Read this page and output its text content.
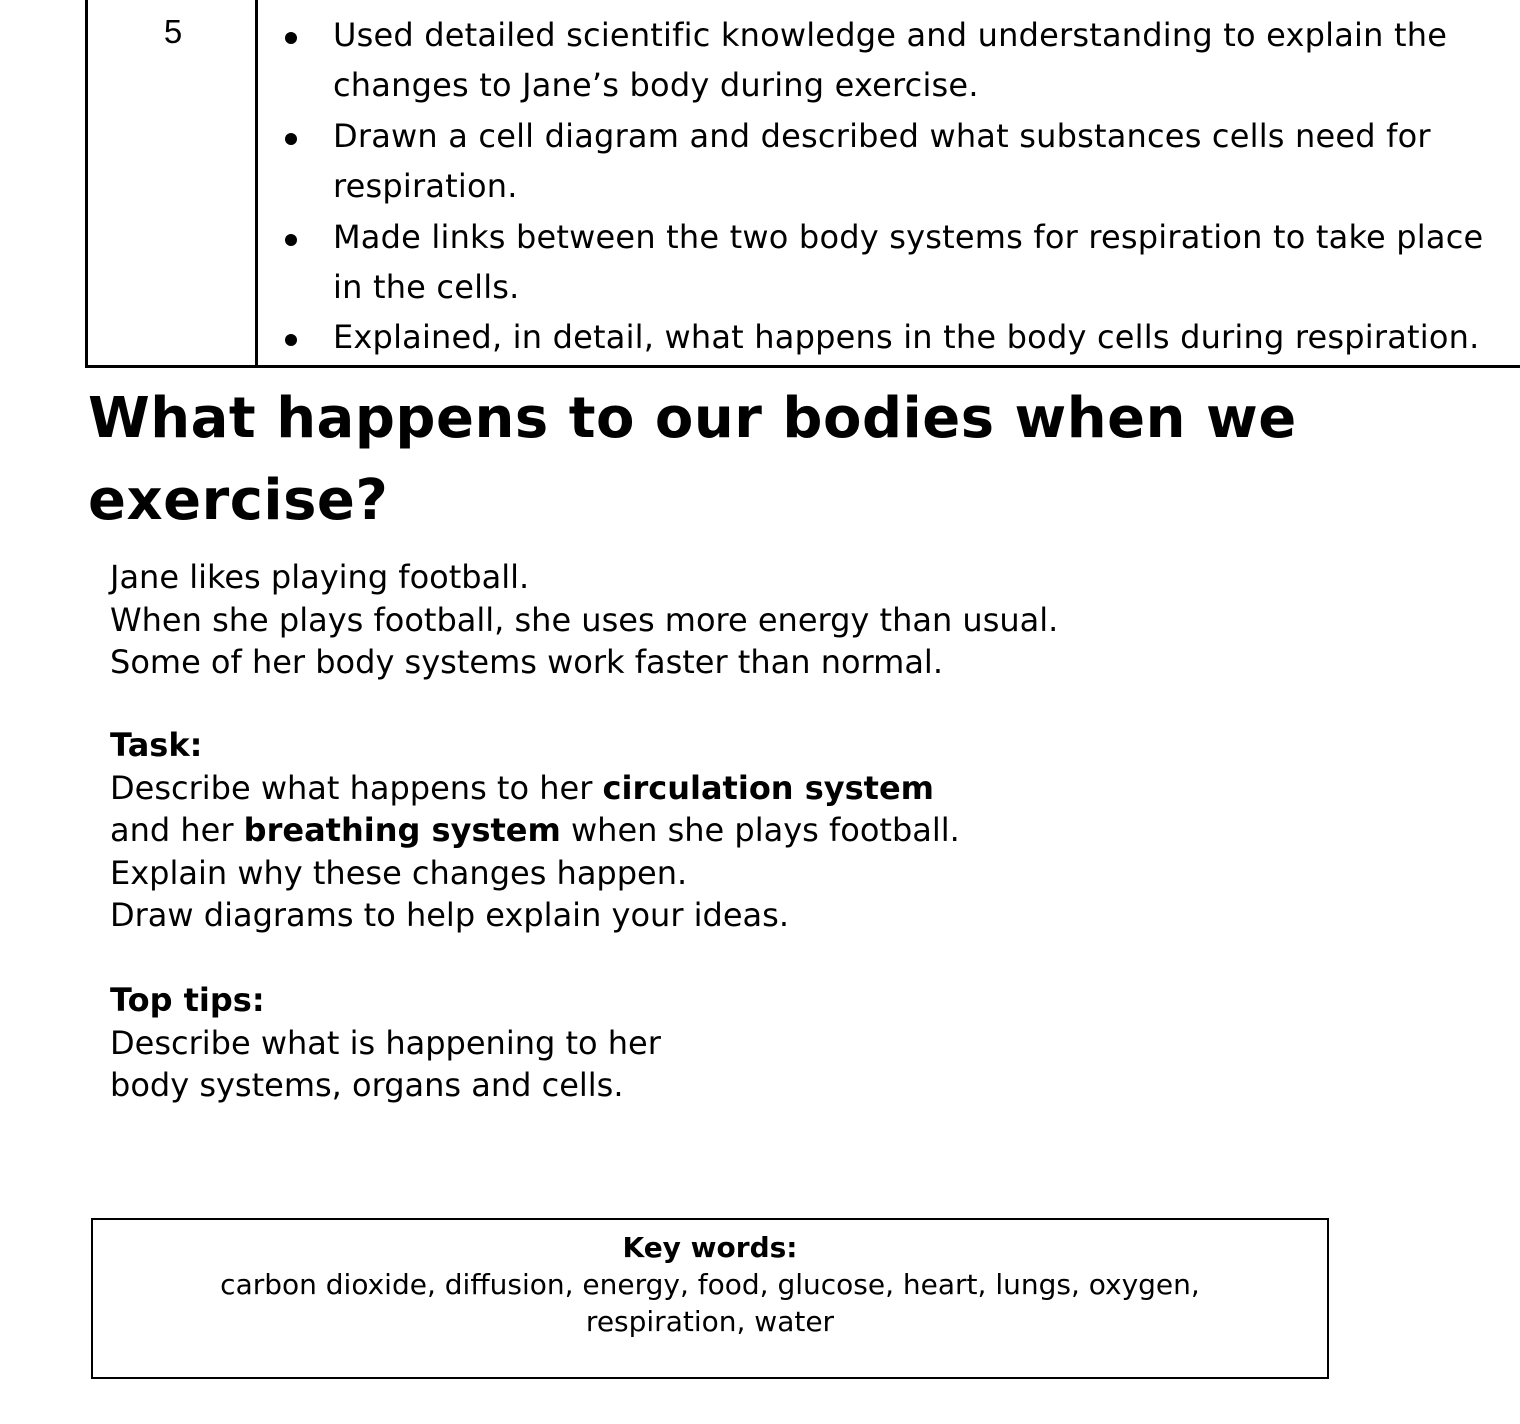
5	Used detailed scientific knowledge and understanding to explain the changes to Jane’s body during exercise.
Drawn a cell diagram and described what substances cells need for respiration.
Made links between the two body systems for respiration to take place in the cells.
Explained, in detail, what happens in the body cells during respiration.
What happens to our bodies when we
exercise?
Jane likes playing football.
When she plays football, she uses more energy than usual.
Some of her body systems work faster than normal.
Task:
Describe what happens to her circulation system
and her breathing system when she plays football.
Explain why these changes happen.
Draw diagrams to help explain your ideas.
Top tips:
Describe what is happening to her
body systems, organs and cells.
Key words:
carbon dioxide, diffusion, energy, food, glucose, heart, lungs, oxygen, respiration, water
